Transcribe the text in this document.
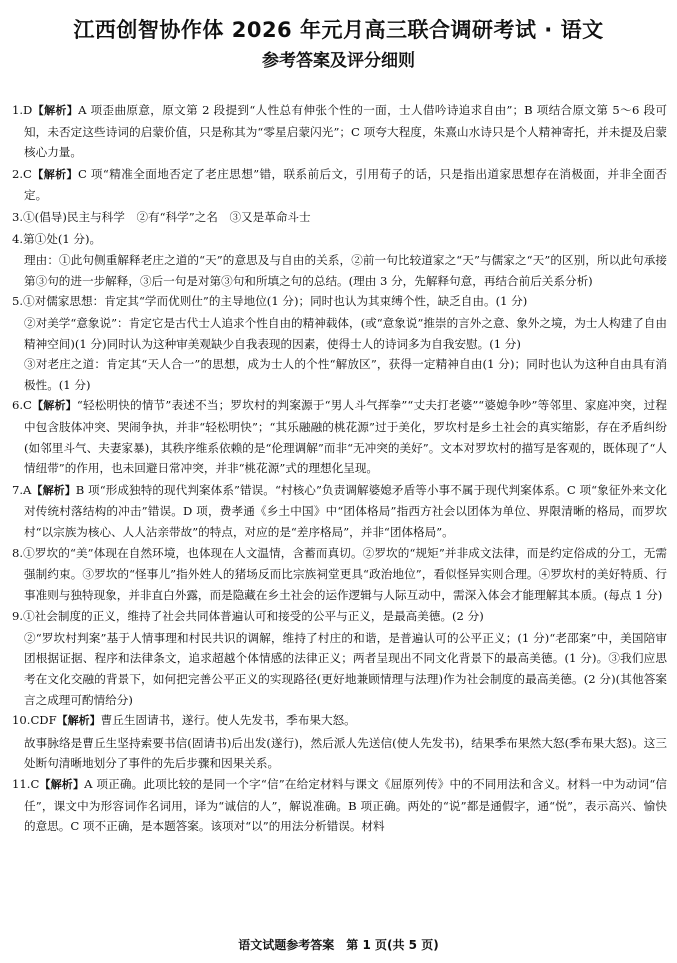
江西创智协作体 2026 年元月高三联合调研考试 · 语文
参考答案及评分细则
1.D【解析】A 项歪曲原意，原文第 2 段提到“人性总有伸张个性的一面，士人借吟诗追求自由”；B 项结合原文第 5～6 段可知，未否定这些诗词的启蒙价值，只是称其为“零星启蒙闪光”；C 项夸大程度，朱熹山水诗只是个人精神寄托，并未提及启蒙核心力量。
2.C【解析】C 项“精准全面地否定了老庄思想”错，联系前后文，引用荀子的话，只是指出道家思想存在消极面，并非全面否定。
3.①(倡导)民主与科学　②有“科学”之名　③又是革命斗士
4.第①处(1 分)。
理由：①此句侧重解释老庄之道的“天”的意思及与自由的关系，②前一句比较道家之“天”与儒家之“天”的区别，所以此句承接第③句的进一步解释，③后一句是对第③句和所填之句的总结。(理由 3 分，先解释句意，再结合前后关系分析)
5.①对儒家思想：肯定其“学而优则仕”的主导地位(1 分)；同时也认为其束缚个性，缺乏自由。(1 分)
②对美学“意象说”：肯定它是古代士人追求个性自由的精神载体，(或“意象说”推崇的言外之意、象外之境，为士人构建了自由精神空间)(1 分)同时认为这种审美观缺少自我表现的因素，使得士人的诗词多为自我安慰。(1 分)
③对老庄之道：肯定其“天人合一”的思想，成为士人的个性“解放区”，获得一定精神自由(1 分)；同时也认为这种自由具有消极性。(1 分)
6.C【解析】“轻松明快的情节”表述不当；罗坎村的判案源于“男人斗气挥拳”“丈夫打老婆”“婆媳争吵”等邻里、家庭冲突，过程中包含肢体冲突、哭闹争执，并非“轻松明快”；“其乐融融的桃花源”过于美化，罗坎村是乡土社会的真实缩影，存在矛盾纠纷(如邻里斗气、夫妻家暴)，其秩序维系依赖的是“伦理调解”而非“无冲突的美好”。文本对罗坎村的描写是客观的，既体现了“人情纽带”的作用，也未回避日常冲突，并非“桃花源”式的理想化呈现。
7.A【解析】B 项“形成独特的现代判案体系”错误。“村核心”负责调解婆媳矛盾等小事不属于现代判案体系。C 项“象征外来文化对传统村落结构的冲击”错误。D 项，费孝通《乡土中国》中“团体格局”指西方社会以团体为单位、界限清晰的格局，而罗坎村“以宗族为核心、人人沾亲带故”的特点，对应的是“差序格局”，并非“团体格局”。
8.①罗坎的“美”体现在自然环境，也体现在人文温情，含蓄而真切。②罗坎的“规矩”并非成文法律，而是约定俗成的分工，无需强制约束。③罗坎的“怪事儿”指外姓人的猪场反而比宗族祠堂更具“政治地位”，看似怪异实则合理。④罗坎村的美好特质、行事准则与独特现象，并非直白外露，而是隐藏在乡土社会的运作逻辑与人际互动中，需深入体会才能理解其本质。(每点 1 分)
9.①社会制度的正义，维持了社会共同体普遍认可和接受的公平与正义，是最高美德。(2 分)
②“罗坎村判案”基于人情事理和村民共识的调解，维持了村庄的和谐，是普遍认可的公平正义；(1 分)“老邵案”中，美国陪审团根据证据、程序和法律条文，追求超越个体情感的法律正义；两者呈现出不同文化背景下的最高美德。(1 分)。③我们应思考在文化交融的背景下，如何把完善公平正义的实现路径(更好地兼顾情理与法理)作为社会制度的最高美德。(2 分)(其他答案言之成理可酌情给分)
10.CDF【解析】曹丘生固请书，遂行。使人先发书，季布果大怒。
故事脉络是曹丘生坚持索要书信(固请书)后出发(遂行)，然后派人先送信(使人先发书)，结果季布果然大怒(季布果大怒)。这三处断句清晰地划分了事件的先后步骤和因果关系。
11.C【解析】A 项正确。此项比较的是同一个字“信”在给定材料与课文《屈原列传》中的不同用法和含义。材料一中为动词“信任”，课文中为形容词作名词用，译为“诚信的人”，解说准确。B 项正确。两处的“说”都是通假字，通“悦”，表示高兴、愉快的意思。C 项不正确，是本题答案。该项对“以”的用法分析错误。材料
语文试题参考答案　第 1 页(共 5 页)
